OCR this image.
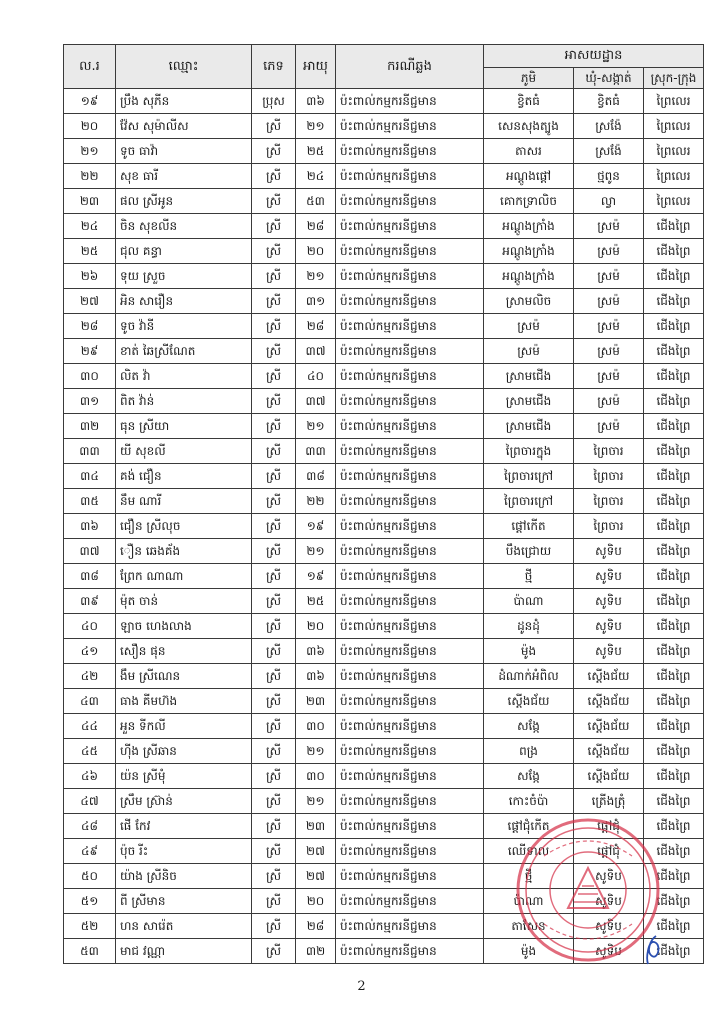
ល.រ	ឈ្មោះ	ភេទ	អាយុ	ករណីឆ្លង	អាសយដ្ឋាន		
					ភូមិ	ឃុំ-សង្កាត់	ស្រុក-ក្រុង
១៩	ប្រឹង សុភីន	ប្រុស	៣៦	ប៉ះពាល់កម្មករនីជ្ជមាន	ខ្វិតធំ	ខ្វិតធំ	ព្រៃលេរ
២០	វ៉ែស សុម៉ាលីស	ស្រី	២១	ប៉ះពាល់កម្មករនីជ្ជមាន	សេនសុងត្បូង	ស្រង៉ែ	ព្រៃលេរ
២១	ទូច ធាវ៉ា	ស្រី	២៥	ប៉ះពាល់កម្មករនីជ្ជមាន	តាសរ	ស្រង៉ែ	ព្រៃលេរ
២២	សុខ ធារី	ស្រី	២៤	ប៉ះពាល់កម្មករនីជ្ជមាន	អណ្តូងផ្តៅ	ថ្មពូន	ព្រៃលេរ
២៣	ផល ស្រីអូន	ស្រី	៥៣	ប៉ះពាល់កម្មករនីជ្ជមាន	គោកទ្រាលិច	ល្វា	ព្រៃលេរ
២៤	ចិន សុខលីន	ស្រី	២៨	ប៉ះពាល់កម្មករនីជ្ជមាន	អណ្តូងក្រាំង	ស្រម៉	ជើងព្រៃ
២៥	ជុល គន្ធា	ស្រី	២០	ប៉ះពាល់កម្មករនីជ្ជមាន	អណ្តូងក្រាំង	ស្រម៉	ជើងព្រៃ
២៦	ទុយ ស្រួច	ស្រី	២១	ប៉ះពាល់កម្មករនីជ្ជមាន	អណ្តូងក្រាំង	ស្រម៉	ជើងព្រៃ
២៧	អិន សារឿន	ស្រី	៣១	ប៉ះពាល់កម្មករនីជ្ជមាន	ស្រាមលិច	ស្រម៉	ជើងព្រៃ
២៨	ទូច វ៉ានី	ស្រី	២៨	ប៉ះពាល់កម្មករនីជ្ជមាន	ស្រម៉	ស្រម៉	ជើងព្រៃ
២៩	ខាត់ ឆៃស្រីណែត	ស្រី	៣៧	ប៉ះពាល់កម្មករនីជ្ជមាន	ស្រម៉	ស្រម៉	ជើងព្រៃ
៣០	លិត វ៉ា	ស្រី	៤០	ប៉ះពាល់កម្មករនីជ្ជមាន	ស្រាមជើង	ស្រម៉	ជើងព្រៃ
៣១	ពិត វ៉ាន់	ស្រី	៣៧	ប៉ះពាល់កម្មករនីជ្ជមាន	ស្រាមជើង	ស្រម៉	ជើងព្រៃ
៣២	ធុន ស្រីយា	ស្រី	២១	ប៉ះពាល់កម្មករនីជ្ជមាន	ស្រាមជើង	ស្រម៉	ជើងព្រៃ
៣៣	យី សុខលី	ស្រី	៣៣	ប៉ះពាល់កម្មករនីជ្ជមាន	ព្រៃចារក្នុង	ព្រៃចារ	ជើងព្រៃ
៣៤	គង់ ជឿន	ស្រី	៣៨	ប៉ះពាល់កម្មករនីជ្ជមាន	ព្រៃចារក្រៅ	ព្រៃចារ	ជើងព្រៃ
៣៥	នឹម ណារី	ស្រី	២២	ប៉ះពាល់កម្មករនីជ្ជមាន	ព្រៃចារក្រៅ	ព្រៃចារ	ជើងព្រៃ
៣៦	ជឿន ស្រីលុច	ស្រី	១៩	ប៉ះពាល់កម្មករនីជ្ជមាន	ផ្តៅកើត	ព្រៃចារ	ជើងព្រៃ
៣៧	ឿន ឆេងគ័ង	ស្រី	២១	ប៉ះពាល់កម្មករនីជ្ជមាន	បឹងជ្រោយ	សូទិប	ជើងព្រៃ
៣៨	ព្រែក ណាណា	ស្រី	១៩	ប៉ះពាល់កម្មករនីជ្ជមាន	ថ្មី	សូទិប	ជើងព្រៃ
៣៩	ម៉ុត ចាន់	ស្រី	២៥	ប៉ះពាល់កម្មករនីជ្ជមាន	ប៉ាណា	សូទិប	ជើងព្រៃ
៤០	ឡាច ហេងលាង	ស្រី	២០	ប៉ះពាល់កម្មករនីជ្ជមាន	ដូនដុំ	សូទិប	ជើងព្រៃ
៤១	សឿន ផុន	ស្រី	៣៦	ប៉ះពាល់កម្មករនីជ្ជមាន	ម៉ូង	សូទិប	ជើងព្រៃ
៤២	ងឹម ស្រីណេន	ស្រី	៣៦	ប៉ះពាល់កម្មករនីជ្ជមាន	ដំណាក់អំពិល	ស្តើងជ័យ	ជើងព្រៃ
៤៣	ធាង គីមហ៊ង	ស្រី	២៣	ប៉ះពាល់កម្មករនីជ្ជមាន	ស្តើងជ័យ	ស្តើងជ័យ	ជើងព្រៃ
៤៤	អួន ទីកលី	ស្រី	៣០	ប៉ះពាល់កម្មករនីជ្ជមាន	សង្កែ	ស្តើងជ័យ	ជើងព្រៃ
៤៥	ហ៊ីង ស្រីឆាន	ស្រី	២១	ប៉ះពាល់កម្មករនីជ្ជមាន	ពង្រ	ស្តើងជ័យ	ជើងព្រៃ
៤៦	យ៉ន ស្រីមុំ	ស្រី	៣០	ប៉ះពាល់កម្មករនីជ្ជមាន	សង្កែ	ស្តើងជ័យ	ជើងព្រៃ
៤៧	ស្រឹម ស្រ៊ាន់	ស្រី	២១	ប៉ះពាល់កម្មករនីជ្ជមាន	កោះចំប៉ា	ត្រើងត្រុំ	ជើងព្រៃ
៤៨	ផេី កែវ	ស្រី	២៣	ប៉ះពាល់កម្មករនីជ្ជមាន	ផ្តៅជុំកើត	ផ្តៅជុំ	ជើងព្រៃ
៤៩	ប៉ុច រីះ	ស្រី	២៧	ប៉ះពាល់កម្មករនីជ្ជមាន	ឈើទាល	ផ្តៅជុំ	ជើងព្រៃ
៥០	យ៉ាង ស្រីនិច	ស្រី	២៧	ប៉ះពាល់កម្មករនីជ្ជមាន	ថ្មី	សូទិប	ជើងព្រៃ
៥១	ពី ស្រីមាន	ស្រី	២០	ប៉ះពាល់កម្មករនីជ្ជមាន	ប៉ាណា	សូទិប	ជើងព្រៃ
៥២	ហន សារ៉េត	ស្រី	២៨	ប៉ះពាល់កម្មករនីជ្ជមាន	តាសែន	សូទិប	ជើងព្រៃ
៥៣	មាជ វណ្ណា	ស្រី	៣២	ប៉ះពាល់កម្មករនីជ្ជមាន	ម៉ូង	សូទិប	ជើងព្រៃ
2
